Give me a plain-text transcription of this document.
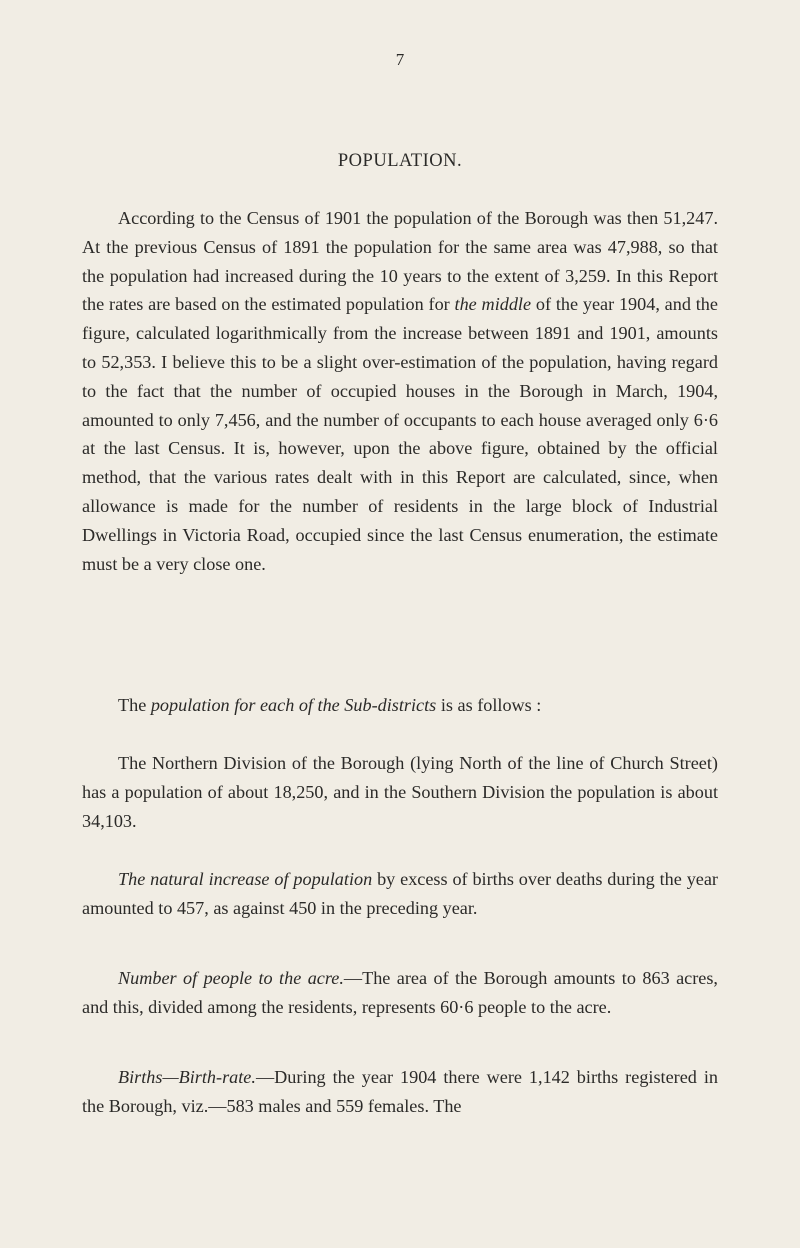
7
POPULATION.

According to the Census of 1901 the population of the Borough was then 51,247. At the previous Census of 1891 the population for the same area was 47,988, so that the population had increased during the 10 years to the extent of 3,259. In this Report the rates are based on the estimated population for the middle of the year 1904, and the figure, calculated logarithmically from the increase between 1891 and 1901, amounts to 52,353. I believe this to be a slight over-estimation of the population, having regard to the fact that the number of occupied houses in the Borough in March, 1904, amounted to only 7,456, and the number of occupants to each house averaged only 6·6 at the last Census. It is, however, upon the above figure, obtained by the official method, that the various rates dealt with in this Report are calculated, since, when allowance is made for the number of residents in the large block of Industrial Dwellings in Victoria Road, occupied since the last Census enumeration, the estimate must be a very close one.

The population for each of the Sub-districts is as follows :

The Northern Division of the Borough (lying North of the line of Church Street) has a population of about 18,250, and in the Southern Division the population is about 34,103.

The natural increase of population by excess of births over deaths during the year amounted to 457, as against 450 in the preceding year.

Number of people to the acre.—The area of the Borough amounts to 863 acres, and this, divided among the residents, represents 60·6 people to the acre.

Births—Birth-rate.—During the year 1904 there were 1,142 births registered in the Borough, viz.—583 males and 559 females. The
